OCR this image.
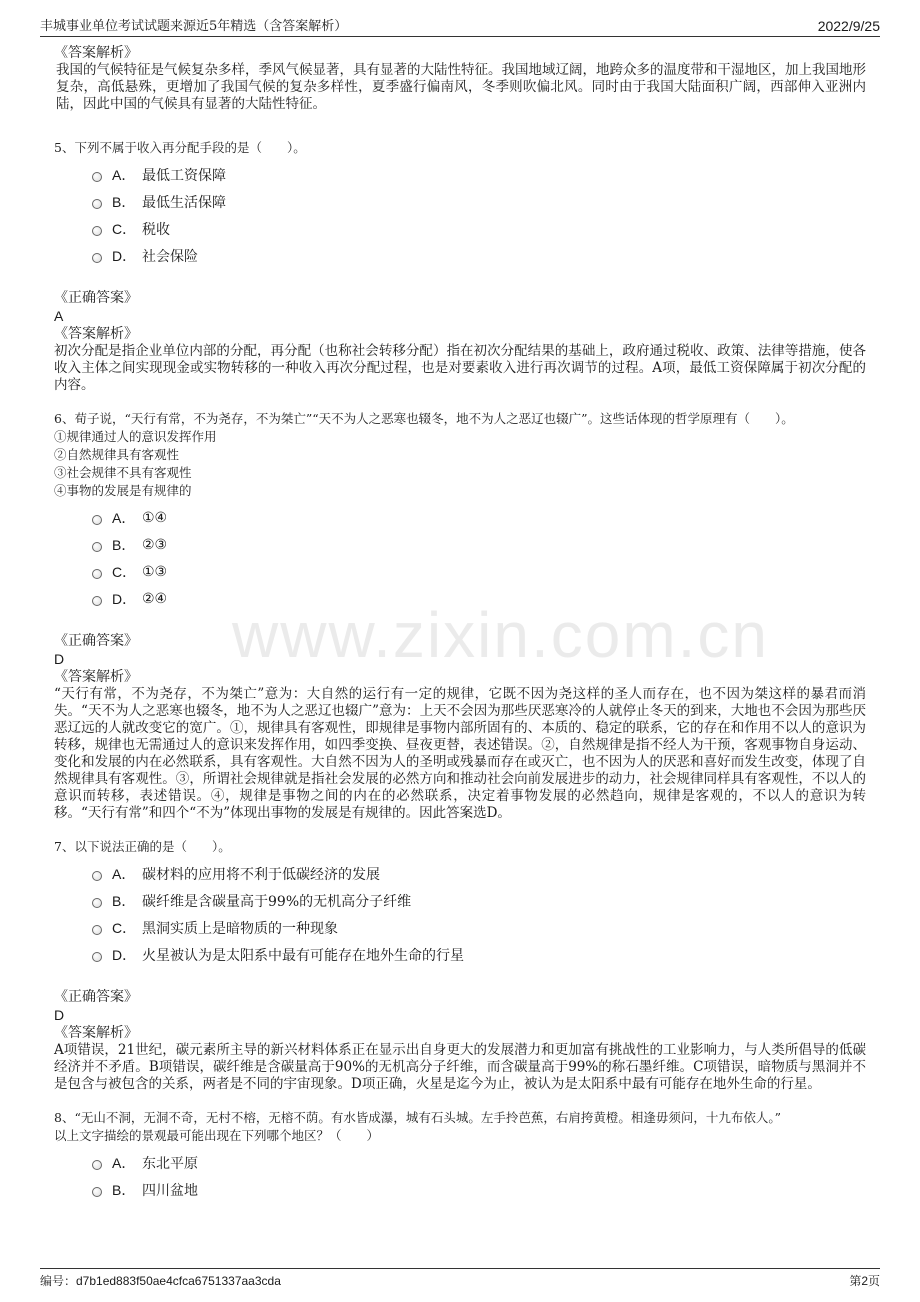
丰城事业单位考试试题来源近5年精选（含答案解析）	2022/9/25
www.zixin.com.cn
《答案解析》
我国的气候特征是气候复杂多样，季风气候显著，具有显著的大陆性特征。我国地域辽阔，地跨众多的温度带和干湿地区，加上我国地形复杂，高低悬殊，更增加了我国气候的复杂多样性，夏季盛行偏南风，冬季则吹偏北风。同时由于我国大陆面积广阔，西部伸入亚洲内陆，因此中国的气候具有显著的大陆性特征。
5、下列不属于收入再分配手段的是（　　）。
A． 最低工资保障
B． 最低生活保障
C． 税收
D． 社会保险
《正确答案》
A
《答案解析》
初次分配是指企业单位内部的分配，再分配（也称社会转移分配）指在初次分配结果的基础上，政府通过税收、政策、法律等措施，使各收入主体之间实现现金或实物转移的一种收入再次分配过程，也是对要素收入进行再次调节的过程。A项，最低工资保障属于初次分配的内容。
6、荀子说，“天行有常，不为尧存，不为桀亡”“天不为人之恶寒也辍冬，地不为人之恶辽也辍广”。这些话体现的哲学原理有（　　）。
①规律通过人的意识发挥作用
②自然规律具有客观性
③社会规律不具有客观性
④事物的发展是有规律的
A． ①④
B． ②③
C． ①③
D． ②④
《正确答案》
D
《答案解析》
“天行有常，不为尧存，不为桀亡”意为：大自然的运行有一定的规律，它既不因为尧这样的圣人而存在，也不因为桀这样的暴君而消失。“天不为人之恶寒也辍冬，地不为人之恶辽也辍广”意为：上天不会因为那些厌恶寒冷的人就停止冬天的到来，大地也不会因为那些厌恶辽远的人就改变它的宽广。①，规律具有客观性，即规律是事物内部所固有的、本质的、稳定的联系，它的存在和作用不以人的意识为转移，规律也无需通过人的意识来发挥作用，如四季变换、昼夜更替，表述错误。②，自然规律是指不经人为干预，客观事物自身运动、变化和发展的内在必然联系，具有客观性。大自然不因为人的圣明或残暴而存在或灭亡，也不因为人的厌恶和喜好而发生改变，体现了自然规律具有客观性。③，所谓社会规律就是指社会发展的必然方向和推动社会向前发展进步的动力，社会规律同样具有客观性，不以人的意识而转移，表述错误。④，规律是事物之间的内在的必然联系，决定着事物发展的必然趋向，规律是客观的，不以人的意识为转移。“天行有常”和四个“不为”体现出事物的发展是有规律的。因此答案选D。
7、以下说法正确的是（　　）。
A． 碳材料的应用将不利于低碳经济的发展
B． 碳纤维是含碳量高于99%的无机高分子纤维
C． 黑洞实质上是暗物质的一种现象
D． 火星被认为是太阳系中最有可能存在地外生命的行星
《正确答案》
D
《答案解析》
A项错误，21世纪，碳元素所主导的新兴材料体系正在显示出自身更大的发展潜力和更加富有挑战性的工业影响力，与人类所倡导的低碳经济并不矛盾。B项错误，碳纤维是含碳量高于90%的无机高分子纤维，而含碳量高于99%的称石墨纤维。C项错误，暗物质与黑洞并不是包含与被包含的关系，两者是不同的宇宙现象。D项正确，火星是迄今为止，被认为是太阳系中最有可能存在地外生命的行星。
8、“无山不洞，无洞不奇，无村不榕，无榕不荫。有水皆成瀑，城有石头城。左手拎芭蕉，右肩挎黄橙。相逢毋须问，十九布依人。”
以上文字描绘的景观最可能出现在下列哪个地区？（　　）
A． 东北平原
B． 四川盆地
编号：d7b1ed883f50ae4cfca6751337aa3cda	第2页
